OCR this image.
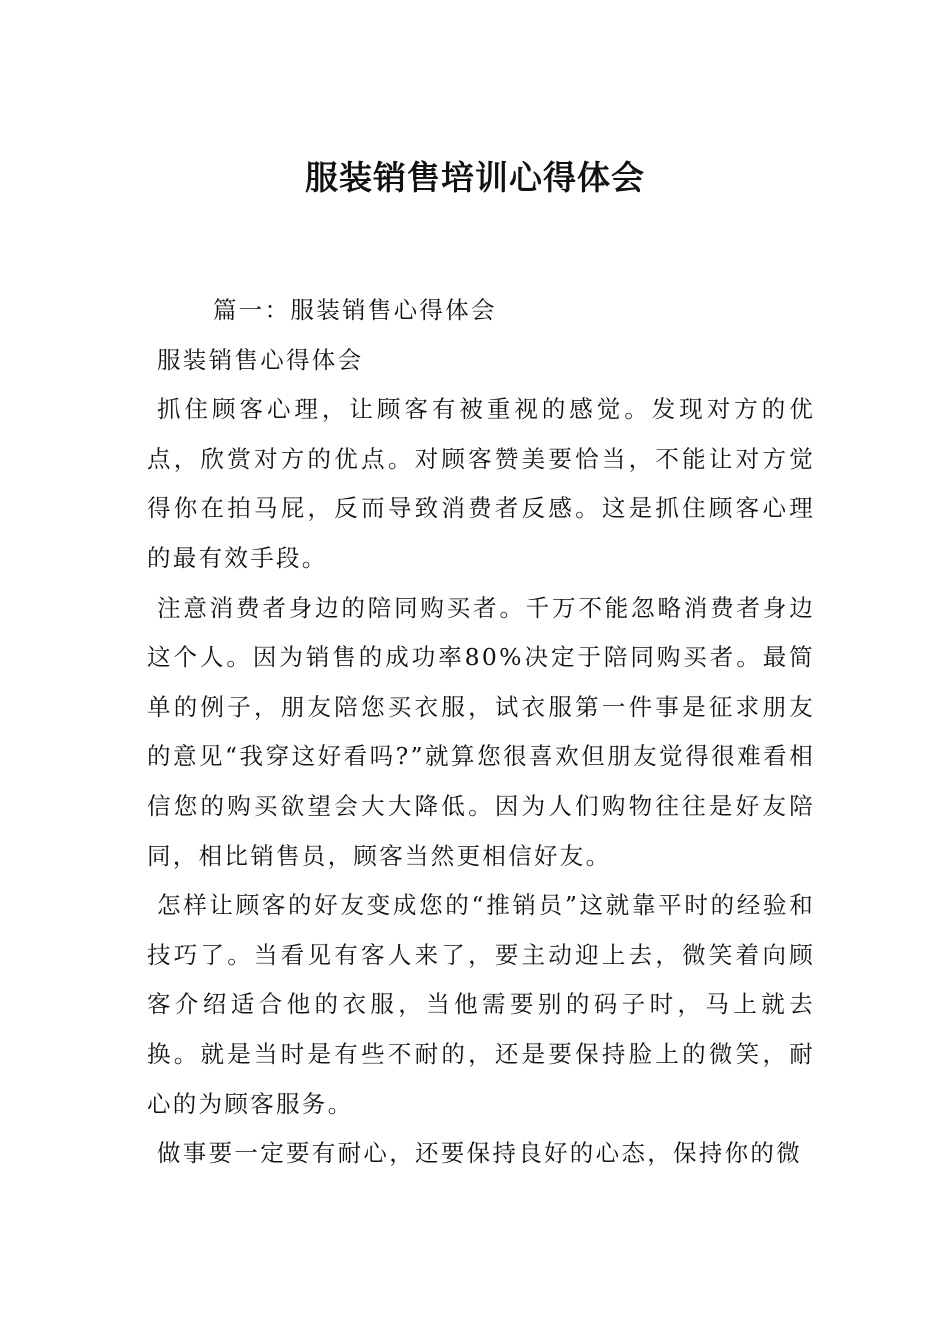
服装销售培训心得体会

篇一：服装销售心得体会

服装销售心得体会

抓住顾客心理，让顾客有被重视的感觉。发现对方的优点，欣赏对方的优点。对顾客赞美要恰当，不能让对方觉得你在拍马屁，反而导致消费者反感。这是抓住顾客心理的最有效手段。

注意消费者身边的陪同购买者。千万不能忽略消费者身边这个人。因为销售的成功率80%决定于陪同购买者。最简单的例子，朋友陪您买衣服，试衣服第一件事是征求朋友的意见“我穿这好看吗?”就算您很喜欢但朋友觉得很难看相信您的购买欲望会大大降低。因为人们购物往往是好友陪同，相比销售员，顾客当然更相信好友。

怎样让顾客的好友变成您的“推销员”这就靠平时的经验和技巧了。当看见有客人来了，要主动迎上去，微笑着向顾客介绍适合他的衣服，当他需要别的码子时，马上就去换。就是当时是有些不耐的，还是要保持脸上的微笑，耐心的为顾客服务。

做事要一定要有耐心，还要保持良好的心态，保持你的微
